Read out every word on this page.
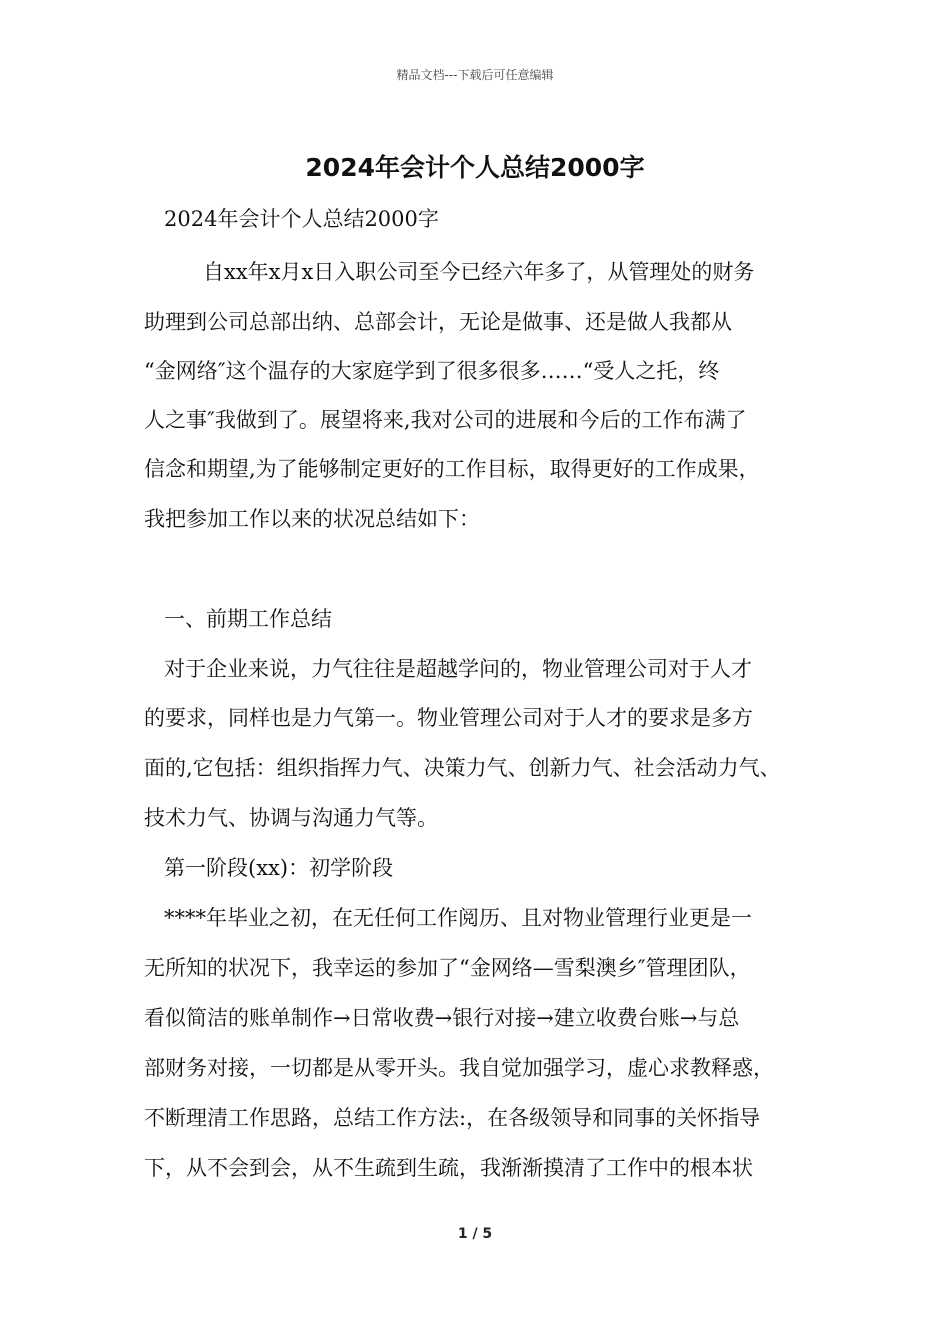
精品文档---下载后可任意编辑
2024年会计个人总结2000字
2024年会计个人总结2000字
自xx年x月x日入职公司至今已经六年多了，从管理处的财务
助理到公司总部出纳、总部会计，无论是做事、还是做人我都从
“金网络″这个温存的大家庭学到了很多很多……“受人之托，终
人之事″我做到了。展望将来,我对公司的进展和今后的工作布满了
信念和期望,为了能够制定更好的工作目标，取得更好的工作成果，
我把参加工作以来的状况总结如下：
一、前期工作总结
对于企业来说，力气往往是超越学问的，物业管理公司对于人才
的要求，同样也是力气第一。物业管理公司对于人才的要求是多方
面的,它包括：组织指挥力气、决策力气、创新力气、社会活动力气、
技术力气、协调与沟通力气等。
第一阶段(xx)：初学阶段
****年毕业之初，在无任何工作阅历、且对物业管理行业更是一
无所知的状况下，我幸运的参加了“金网络—雪梨澳乡″管理团队，
看似简洁的账单制作→日常收费→银行对接→建立收费台账→与总
部财务对接，一切都是从零开头。我自觉加强学习，虚心求教释惑，
不断理清工作思路，总结工作方法:，在各级领导和同事的关怀指导
下，从不会到会，从不生疏到生疏，我渐渐摸清了工作中的根本状
1 / 5
